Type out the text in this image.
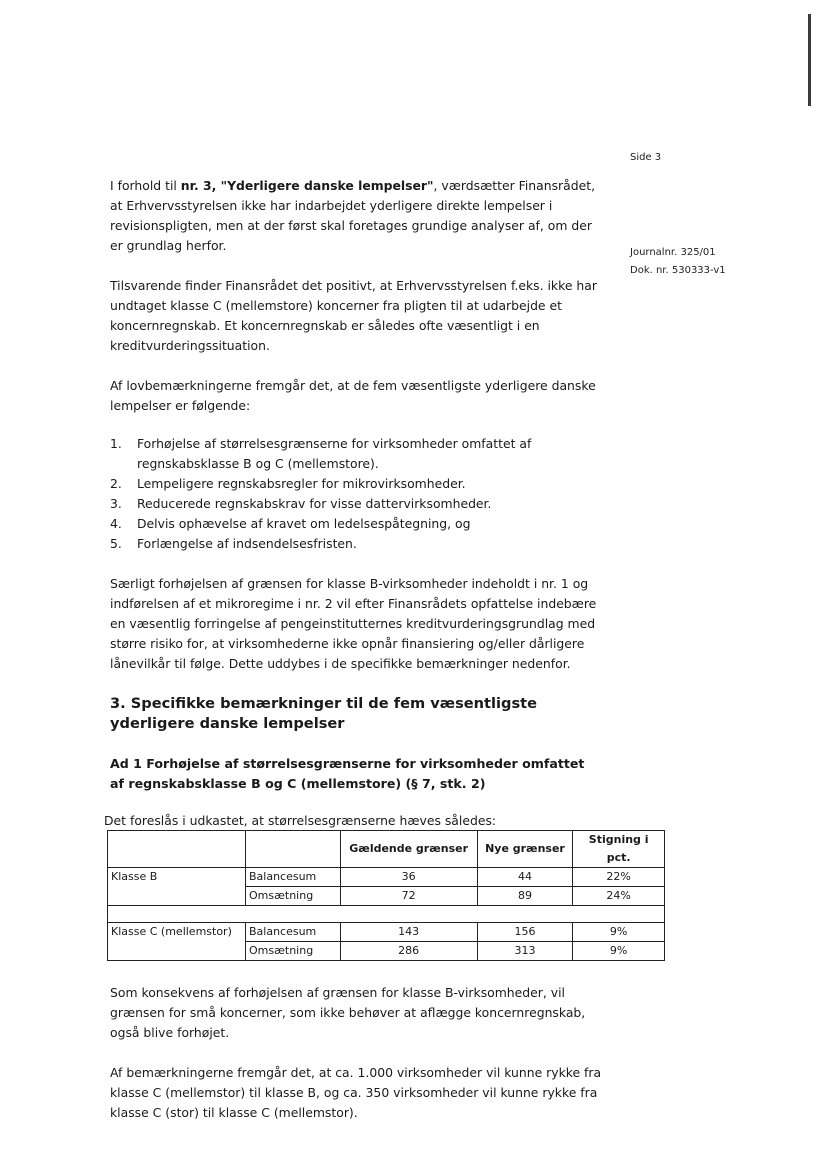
Side 3
Journalnr. 325/01
Dok. nr. 530333-v1

I forhold til nr. 3, "Yderligere danske lempelser", værdsætter Finansrådet, at Erhvervsstyrelsen ikke har indarbejdet yderligere direkte lempelser i revisionspligten, men at der først skal foretages grundige analyser af, om der er grundlag herfor.

Tilsvarende finder Finansrådet det positivt, at Erhvervsstyrelsen f.eks. ikke har undtaget klasse C (mellemstore) koncerner fra pligten til at udarbejde et koncernregnskab. Et koncernregnskab er således ofte væsentligt i en kreditvurderingssituation.

Af lovbemærkningerne fremgår det, at de fem væsentligste yderligere danske lempelser er følgende:

1. Forhøjelse af størrelsesgrænserne for virksomheder omfattet af regnskabsklasse B og C (mellemstore).
2. Lempeligere regnskabsregler for mikrovirksomheder.
3. Reducerede regnskabskrav for visse dattervirksomheder.
4. Delvis ophævelse af kravet om ledelsespåtegning, og
5. Forlængelse af indsendelsesfristen.

Særligt forhøjelsen af grænsen for klasse B-virksomheder indeholdt i nr. 1 og indførelsen af et mikroregime i nr. 2 vil efter Finansrådets opfattelse indebære en væsentlig forringelse af pengeinstitutternes kreditvurderingsgrundlag med større risiko for, at virksomhederne ikke opnår finansiering og/eller dårligere lånevilkår til følge. Dette uddybes i de specifikke bemærkninger nedenfor.

3. Specifikke bemærkninger til de fem væsentligste yderligere danske lempelser
Ad 1 Forhøjelse af størrelsesgrænserne for virksomheder omfattet af regnskabsklasse B og C (mellemstore) (§ 7, stk. 2)

Det foreslås i udkastet, at størrelsesgrænserne hæves således:

		Gældende grænser	Nye grænser	Stigning i pct.
Klasse B	Balancesum	36	44	22%
	Omsætning	72	89	24%

Klasse C (mellemstor)	Balancesum	143	156	9%
	Omsætning	286	313	9%

Som konsekvens af forhøjelsen af grænsen for klasse B-virksomheder, vil grænsen for små koncerner, som ikke behøver at aflægge koncernregnskab, også blive forhøjet.

Af bemærkningerne fremgår det, at ca. 1.000 virksomheder vil kunne rykke fra klasse C (mellemstor) til klasse B, og ca. 350 virksomheder vil kunne rykke fra klasse C (stor) til klasse C (mellemstor).
